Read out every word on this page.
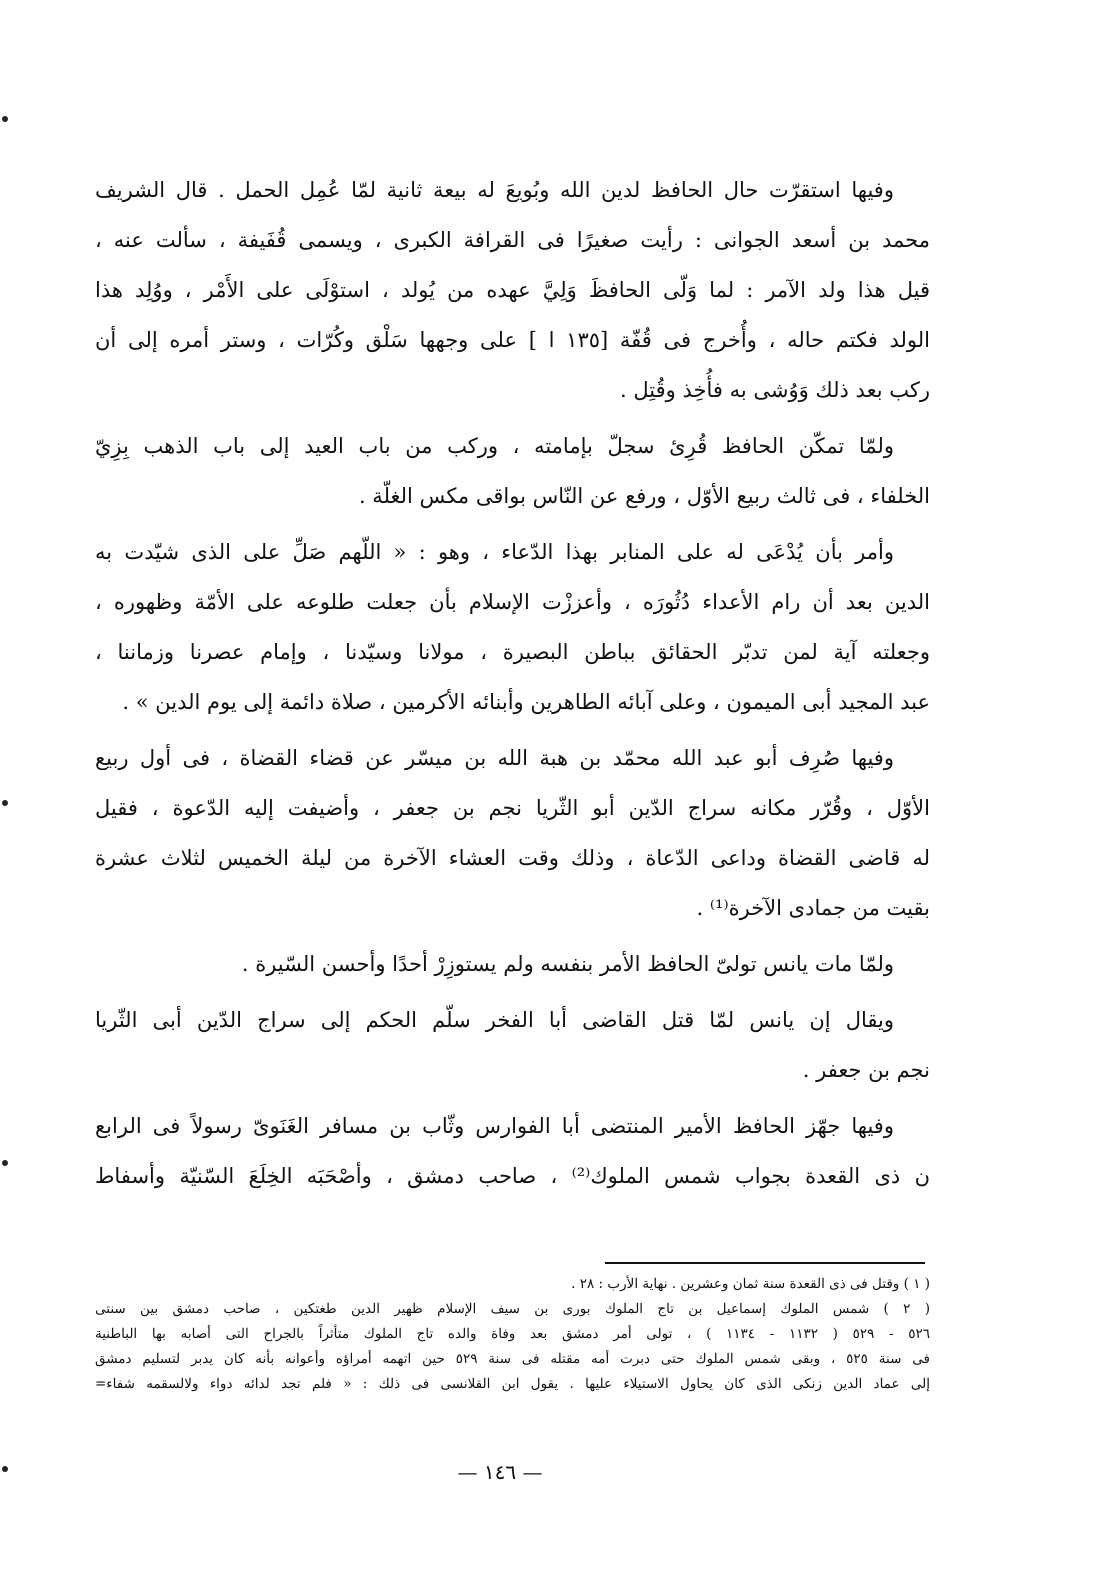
وفيها استقرّت حال الحافظ لدين الله وبُويعَ له بيعة ثانية لمّا عُمِل الحمل . قال الشريف
محمد بن أسعد الجوانى : رأيت صغيرًا فى القرافة الكبرى ، ويسمى قُفَيفة ، سألت عنه ،
قيل هذا ولد الآمر : لما وَلّى الحافظَ وَلِيَّ عهده من يُولد ، استوْلَى على الأَمْر ، ووُلِد هذا
الولد فكتم حاله ، وأُخرج فى قُفّة [١٣٥ ا ] على وجهها سَلْق وكُرّات ، وستر أمره إلى أن
ركب بعد ذلك وَوُشى به فأُخِذ وقُتِل .
ولمّا تمكّن الحافظ قُرِئ سجلّ بإمامته ، وركب من باب العيد إلى باب الذهب بِزِيّ
الخلفاء ، فى ثالث ربيع الأوّل ، ورفع عن النّاس بواقى مكس الغلّة .
وأمر بأن يُدْعَى له على المنابر بهذا الدّعاء ، وهو : « اللّهم صَلِّ على الذى شيّدت به
الدين بعد أن رام الأعداء دُثُورَه ، وأعززْت الإسلام بأن جعلت طلوعه على الأمّة وظهوره ،
وجعلته آية لمن تدبّر الحقائق بباطن البصيرة ، مولانا وسيّدنا ، وإمام عصرنا وزماننا ،
عبد المجيد أبى الميمون ، وعلى آبائه الطاهرين وأبنائه الأكرمين ، صلاة دائمة إلى يوم الدين » .
وفيها صُرِف أبو عبد الله محمّد بن هبة الله بن ميسّر عن قضاء القضاة ، فى أول ربيع
الأوّل ، وقُرّر مكانه سراج الدّين أبو الثّريا نجم بن جعفر ، وأضيفت إليه الدّعوة ، فقيل
له قاضى القضاة وداعى الدّعاة ، وذلك وقت العشاء الآخرة من ليلة الخميس لثلاث عشرة
بقيت من جمادى الآخرة⁽¹⁾ .
ولمّا مات يانس تولىّ الحافظ الأمر بنفسه ولم يستوزِرْ أحدًا وأحسن السّيرة .
ويقال إن يانس لمّا قتل القاضى أبا الفخر سلّم الحكم إلى سراج الدّين أبى الثّريا
نجم بن جعفر .
وفيها جهّز الحافظ الأمير المنتضى أبا الفوارس وثّاب بن مسافر الغَنَوىّ رسولاً فى الرابع
ن ذى القعدة بجواب شمس الملوك⁽²⁾ ، صاحب دمشق ، وأصْحَبَه الخِلَعَ السّنيّة وأسفاط
( ١ ) وقتل فى ذى القعدة سنة ثمان وعشرين . نهاية الأرب : ٢٨ .
( ٢ ) شمس الملوك إسماعيل بن تاج الملوك بورى بن سيف الإسلام ظهير الدين طغتكين ، صاحب دمشق بين سنتى
٥٢٦ - ٥٢٩ ( ١١٣٢ - ١١٣٤ ) ، تولى أمر دمشق بعد وفاة والده تاج الملوك متأثراً بالجراح التى أصابه بها الباطنية
فى سنة ٥٢٥ ، وبقى شمس الملوك حتى دبرت أمه مقتله فى سنة ٥٢٩ حين اتهمه أمراؤه وأعوانه بأنه كان يدبر لتسليم دمشق
إلى عماد الدين زنكى الذى كان يحاول الاستيلاء عليها . يقول ابن القلانسى فى ذلك : « فلم تجد لدائه دواء ولالسقمه شفاء=
— ١٤٦ —
